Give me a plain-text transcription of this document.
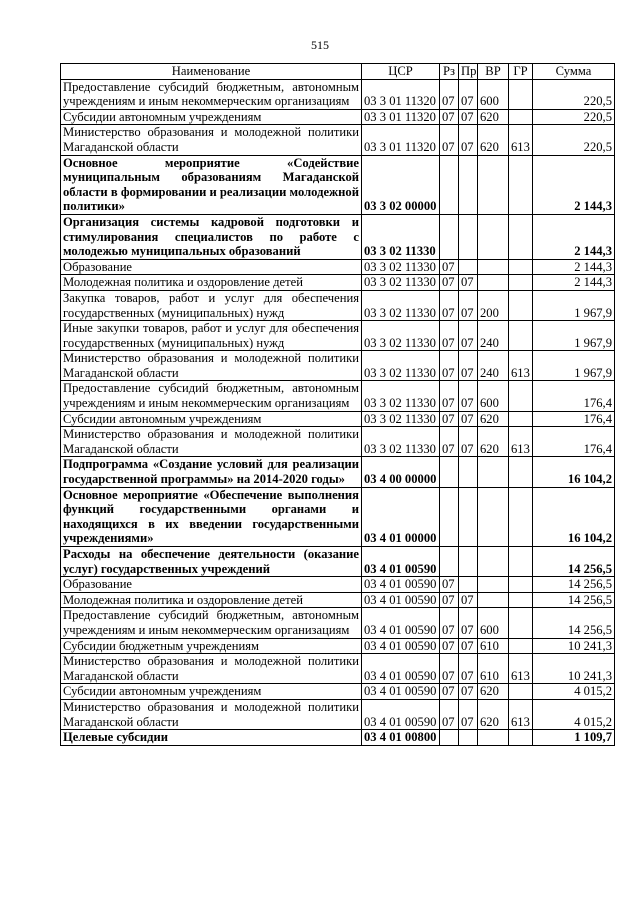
515
Наименование	ЦСР	Рз	Пр	ВР	ГР	Сумма
Предоставление субсидий бюджетным, автономным учреждениям и иным некоммерческим организациям	03 3 01 11320	07	07	600		220,5
Субсидии автономным учреждениям	03 3 01 11320	07	07	620		220,5
Министерство образования и молодежной политики Магаданской области	03 3 01 11320	07	07	620	613	220,5
Основное мероприятие «Содействие муниципальным образованиям Магаданской области в формировании и реализации молодежной политики»	03 3 02 00000					2 144,3
Организация системы кадровой подготовки и стимулирования специалистов по работе с молодежью муниципальных образований	03 3 02 11330					2 144,3
Образование	03 3 02 11330	07				2 144,3
Молодежная политика и оздоровление детей	03 3 02 11330	07	07			2 144,3
Закупка товаров, работ и услуг для обеспечения государственных (муниципальных) нужд	03 3 02 11330	07	07	200		1 967,9
Иные закупки товаров, работ и услуг для обеспечения государственных (муниципальных) нужд	03 3 02 11330	07	07	240		1 967,9
Министерство образования и молодежной политики Магаданской области	03 3 02 11330	07	07	240	613	1 967,9
Предоставление субсидий бюджетным, автономным учреждениям и иным некоммерческим организациям	03 3 02 11330	07	07	600		176,4
Субсидии автономным учреждениям	03 3 02 11330	07	07	620		176,4
Министерство образования и молодежной политики Магаданской области	03 3 02 11330	07	07	620	613	176,4
Подпрограмма «Создание условий для реализации государственной программы» на 2014-2020 годы»	03 4 00 00000					16 104,2
Основное мероприятие «Обеспечение выполнения функций государственными органами и находящихся в их введении государственными учреждениями»	03 4 01 00000					16 104,2
Расходы на обеспечение деятельности (оказание услуг) государственных учреждений	03 4 01 00590					14 256,5
Образование	03 4 01 00590	07				14 256,5
Молодежная политика и оздоровление детей	03 4 01 00590	07	07			14 256,5
Предоставление субсидий бюджетным, автономным учреждениям и иным некоммерческим организациям	03 4 01 00590	07	07	600		14 256,5
Субсидии бюджетным учреждениям	03 4 01 00590	07	07	610		10 241,3
Министерство образования и молодежной политики Магаданской области	03 4 01 00590	07	07	610	613	10 241,3
Субсидии автономным учреждениям	03 4 01 00590	07	07	620		4 015,2
Министерство образования и молодежной политики Магаданской области	03 4 01 00590	07	07	620	613	4 015,2
Целевые субсидии	03 4 01 00800					1 109,7
